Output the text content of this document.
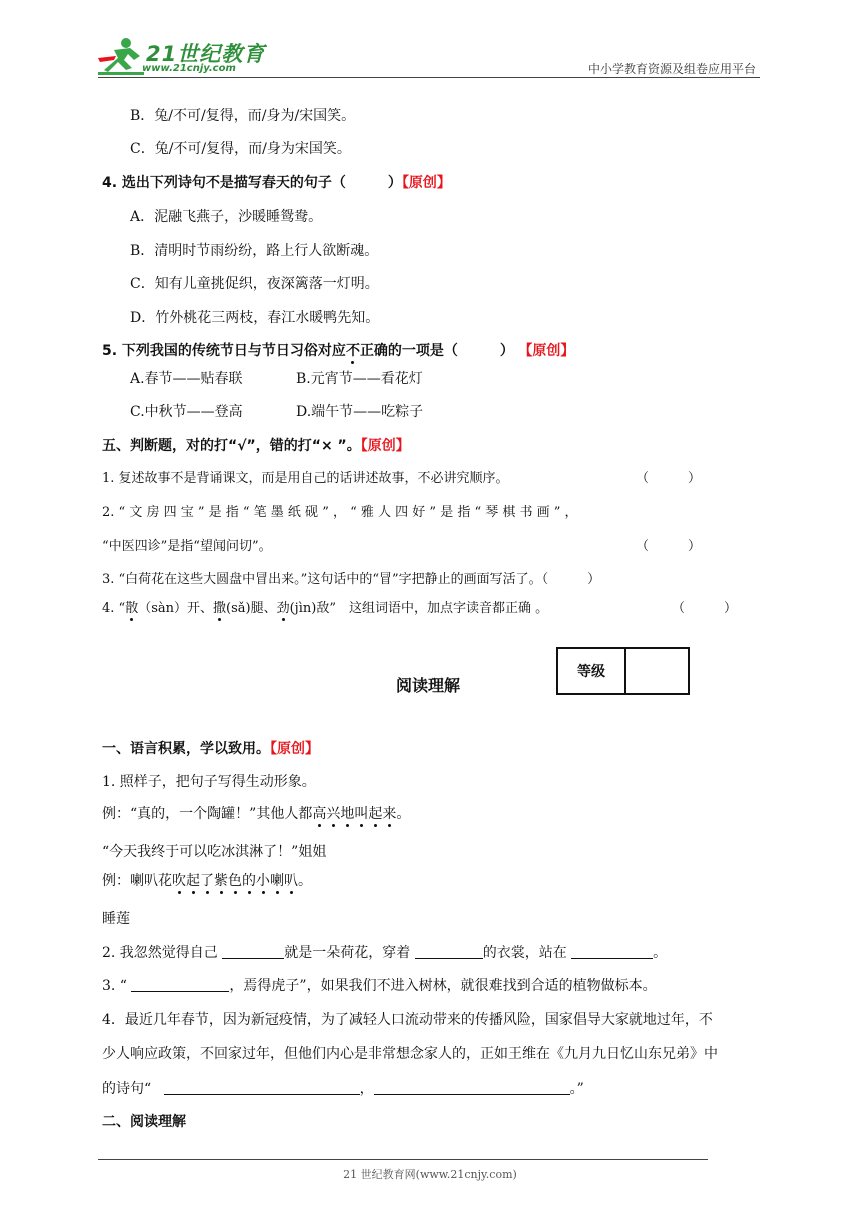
21世纪教育
www.21cnjy.com	中小学教育资源及组卷应用平台
B．兔/不可/复得，而/身为/宋国笑。
C．兔/不可/复得，而/身为宋国笑。
4. 选出下列诗句不是描写春天的句子（　　　）【原创】
A．泥融飞燕子，沙暖睡鸳鸯。
B．清明时节雨纷纷，路上行人欲断魂。
C．知有儿童挑促织，夜深篱落一灯明。
D．竹外桃花三两枝，春江水暖鸭先知。
5. 下列我国的传统节日与节日习俗对应不正确的一项是（　　　） 【原创】
A.春节——贴春联	B.元宵节——看花灯
C.中秋节——登高	D.端午节——吃粽子
五、判断题，对的打“√”，错的打“× ”。【原创】
1. 复述故事不是背诵课文，而是用自己的话讲述故事，不必讲究顺序。	（　　　）
2. “ 文 房 四 宝 ” 是 指 “ 笔 墨 纸 砚 ” ， “ 雅 人 四 好 ” 是 指 “ 琴 棋 书 画 ” ，
“中医四诊”是指“望闻问切”。	（　　　）
3. “白荷花在这些大圆盘中冒出来。”这句话中的“冒”字把静止的画面写活了。（　　　）
4. “散（sàn）开、撒(sǎ)腿、劲(jìn)敌”　这组词语中，加点字读音都正确 。	（　　　）
阅读理解
等级
一、语言积累，学以致用。【原创】
1. 照样子，把句子写得生动形象。
例：“真的，一个陶罐！”其他人都高兴地叫起来。
“今天我终于可以吃冰淇淋了！”姐姐
例：喇叭花吹起了紫色的小喇叭。
睡莲
2. 我忽然觉得自己	就是一朵荷花，穿着	的衣裳，站在	。
3. “	，焉得虎子”，如果我们不进入树林，就很难找到合适的植物做标本。
4．最近几年春节，因为新冠疫情，为了减轻人口流动带来的传播风险，国家倡导大家就地过年，不
少人响应政策，不回家过年，但他们内心是非常想念家人的，正如王维在《九月九日忆山东兄弟》中
的诗句“	，	。”
二、阅读理解
21 世纪教育网(www.21cnjy.com)
